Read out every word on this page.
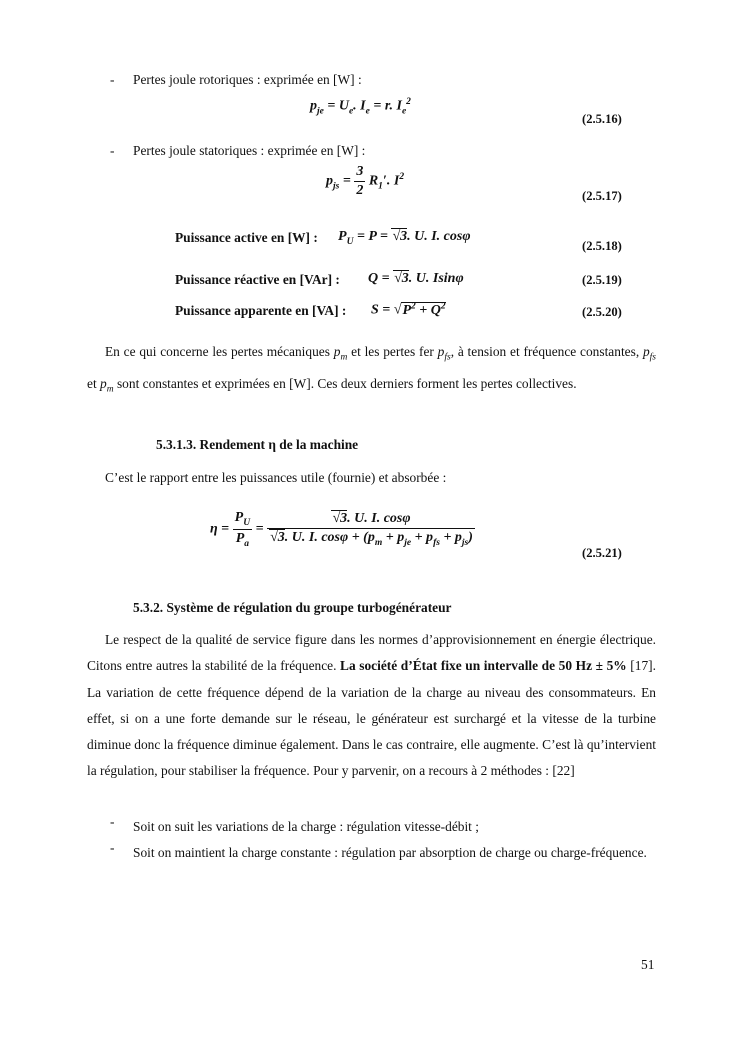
-	Pertes joule rotoriques : exprimée en [W] :
$p_{je} = U_e$. $I_e = r$. $I_e^2$
(2.5.16)
-	Pertes joule statoriques : exprimée en [W] :
$p_{js} = \frac{3}{2} R_1'$. $I^2$
(2.5.17)
Puissance active en [W] : $P_U = P = √3$. U. I. cosφ
(2.5.18)
Puissance réactive en [VAr] : Q = √3. U. Isinφ	(2.5.19)
Puissance apparente en [VA] : $S = √P^2 + Q^2$	(2.5.20)
En ce qui concerne les pertes mécaniques $p_m$ et les pertes fer $p_{fs}$, à tension et fréquence constantes, $p_{fs}$ et $p_m$ sont constantes et exprimées en [W]. Ces deux derniers forment les pertes collectives.
5.3.1.3. Rendement η de la machine
C’est le rapport entre les puissances utile (fournie) et absorbée :
$\eta = \frac{P_U}{P_a} = \frac{√3. U. I. \cos\varphi}{√3. U. I. \cos\varphi + (p_m + p_{je} + p_{fs} + p_{js})}$
(2.5.21)
5.3.2. Système de régulation du groupe turbogénérateur
Le respect de la qualité de service figure dans les normes d’approvisionnement en énergie électrique. Citons entre autres la stabilité de la fréquence. La société d’État fixe un intervalle de 50 Hz ± 5% [17]. La variation de cette fréquence dépend de la variation de la charge au niveau des consommateurs. En effet, si on a une forte demande sur le réseau, le générateur est surchargé et la vitesse de la turbine diminue donc la fréquence diminue également. Dans le cas contraire, elle augmente. C’est là qu’intervient la régulation, pour stabiliser la fréquence. Pour y parvenir, on a recours à 2 méthodes : [22]
-	Soit on suit les variations de la charge : régulation vitesse-débit ;
-	Soit on maintient la charge constante : régulation par absorption de charge ou charge-fréquence.
51
